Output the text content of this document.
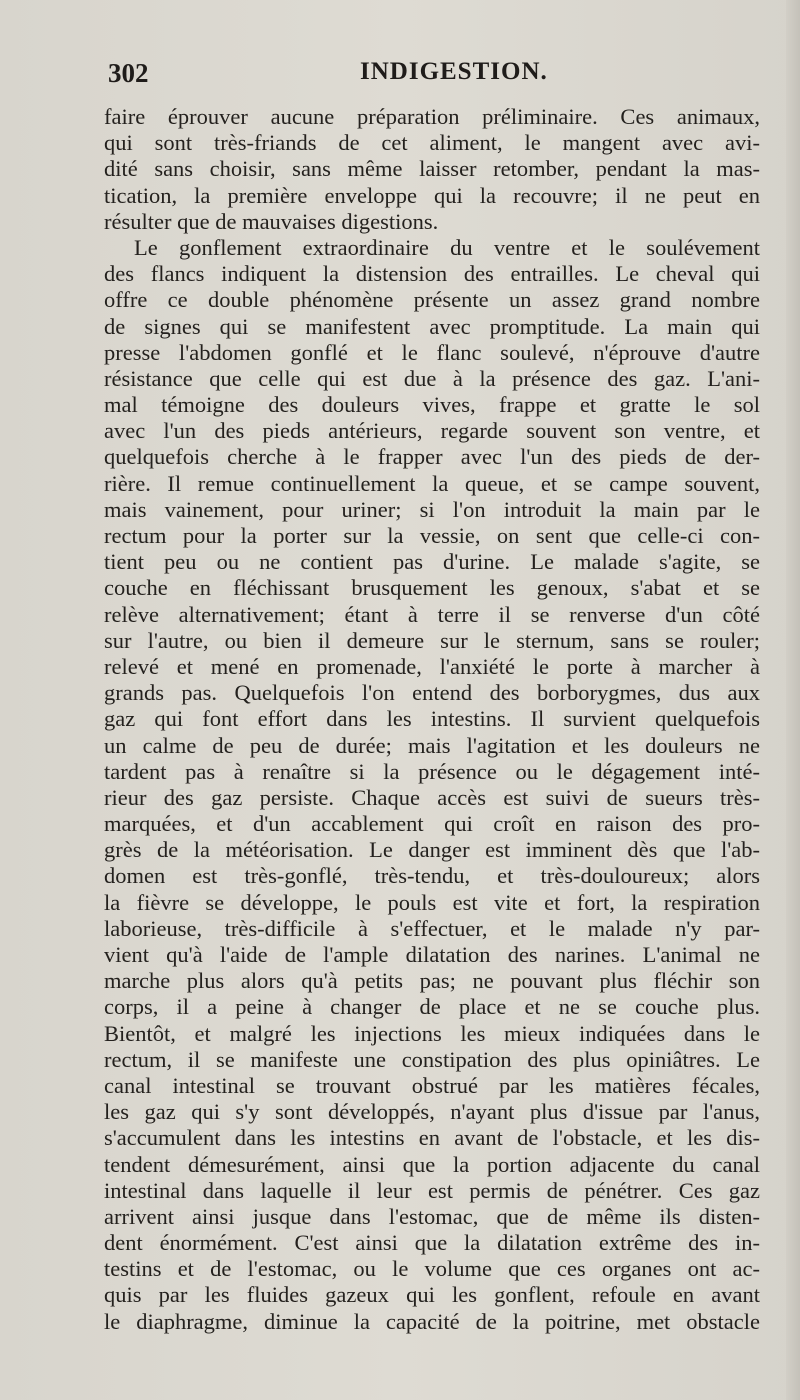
302	INDIGESTION.
faire éprouver aucune préparation préliminaire. Ces animaux,
qui sont très-friands de cet aliment, le mangent avec avi-
dité sans choisir, sans même laisser retomber, pendant la mas-
tication, la première enveloppe qui la recouvre; il ne peut en
résulter que de mauvaises digestions.
Le gonflement extraordinaire du ventre et le soulévement
des flancs indiquent la distension des entrailles. Le cheval qui
offre ce double phénomène présente un assez grand nombre
de signes qui se manifestent avec promptitude. La main qui
presse l'abdomen gonflé et le flanc soulevé, n'éprouve d'autre
résistance que celle qui est due à la présence des gaz. L'ani-
mal témoigne des douleurs vives, frappe et gratte le sol
avec l'un des pieds antérieurs, regarde souvent son ventre, et
quelquefois cherche à le frapper avec l'un des pieds de der-
rière. Il remue continuellement la queue, et se campe souvent,
mais vainement, pour uriner; si l'on introduit la main par le
rectum pour la porter sur la vessie, on sent que celle-ci con-
tient peu ou ne contient pas d'urine. Le malade s'agite, se
couche en fléchissant brusquement les genoux, s'abat et se
relève alternativement; étant à terre il se renverse d'un côté
sur l'autre, ou bien il demeure sur le sternum, sans se rouler;
relevé et mené en promenade, l'anxiété le porte à marcher à
grands pas. Quelquefois l'on entend des borborygmes, dus aux
gaz qui font effort dans les intestins. Il survient quelquefois
un calme de peu de durée; mais l'agitation et les douleurs ne
tardent pas à renaître si la présence ou le dégagement inté-
rieur des gaz persiste. Chaque accès est suivi de sueurs très-
marquées, et d'un accablement qui croît en raison des pro-
grès de la météorisation. Le danger est imminent dès que l'ab-
domen est très-gonflé, très-tendu, et très-douloureux; alors
la fièvre se développe, le pouls est vite et fort, la respiration
laborieuse, très-difficile à s'effectuer, et le malade n'y par-
vient qu'à l'aide de l'ample dilatation des narines. L'animal ne
marche plus alors qu'à petits pas; ne pouvant plus fléchir son
corps, il a peine à changer de place et ne se couche plus.
Bientôt, et malgré les injections les mieux indiquées dans le
rectum, il se manifeste une constipation des plus opiniâtres. Le
canal intestinal se trouvant obstrué par les matières fécales,
les gaz qui s'y sont développés, n'ayant plus d'issue par l'anus,
s'accumulent dans les intestins en avant de l'obstacle, et les dis-
tendent démesurément, ainsi que la portion adjacente du canal
intestinal dans laquelle il leur est permis de pénétrer. Ces gaz
arrivent ainsi jusque dans l'estomac, que de même ils disten-
dent énormément. C'est ainsi que la dilatation extrême des in-
testins et de l'estomac, ou le volume que ces organes ont ac-
quis par les fluides gazeux qui les gonflent, refoule en avant
le diaphragme, diminue la capacité de la poitrine, met obstacle
